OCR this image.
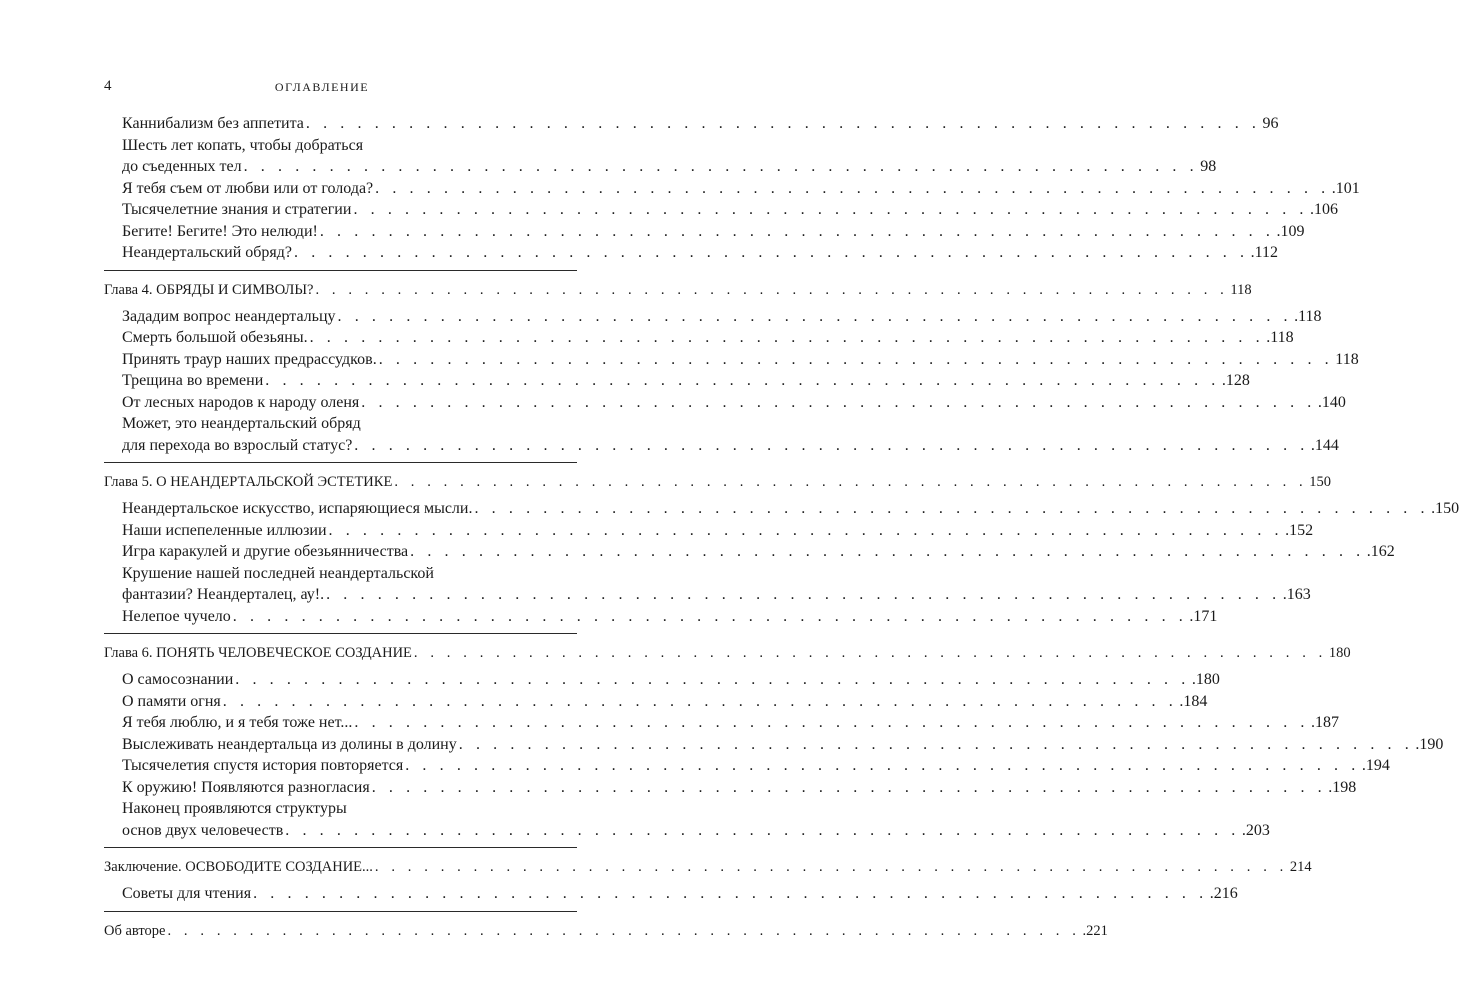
4	ОГЛАВЛЕНИЕ
Каннибализм без аппетита . . . . . . . . . . . . . . . . . . . . . . . . . . . . . . . . . . . . . . . . . . . . . . . . . . . . . . . . 96
Шесть лет копать, чтобы добраться
до съеденных тел . . . . . . . . . . . . . . . . . . . . . . . . . . . . . . . . . . . . . . . . . . . . . . . . . . . . . . . . 98
Я тебя съем от любви или от голода? . . . . . . . . . . . . . . . . . . . . . . . . . . . . . . . . . . . . . . . . . . . . . . . . . . . . . . . . .101
Тысячелетние знания и стратегии . . . . . . . . . . . . . . . . . . . . . . . . . . . . . . . . . . . . . . . . . . . . . . . . . . . . . . . . .106
Бегите! Бегите! Это нелюди! . . . . . . . . . . . . . . . . . . . . . . . . . . . . . . . . . . . . . . . . . . . . . . . . . . . . . . . . .109
Неандертальский обряд? . . . . . . . . . . . . . . . . . . . . . . . . . . . . . . . . . . . . . . . . . . . . . . . . . . . . . . . . .112
Глава 4. ОБРЯДЫ И СИМВОЛЫ? . . . . . . . . . . . . . . . . . . . . . . . . . . . . . . . . . . . . . . . . . . . . . . . . . . . . . . . . 118
Зададим вопрос неандертальцу . . . . . . . . . . . . . . . . . . . . . . . . . . . . . . . . . . . . . . . . . . . . . . . . . . . . . . . . .118
Смерть большой обезьяны. . . . . . . . . . . . . . . . . . . . . . . . . . . . . . . . . . . . . . . . . . . . . . . . . . . . . . . . . .118
Принять траур наших предрассудков. . . . . . . . . . . . . . . . . . . . . . . . . . . . . . . . . . . . . . . . . . . . . . . . . . . . . . . . . 118
Трещина во времени . . . . . . . . . . . . . . . . . . . . . . . . . . . . . . . . . . . . . . . . . . . . . . . . . . . . . . . . .128
От лесных народов к народу оленя . . . . . . . . . . . . . . . . . . . . . . . . . . . . . . . . . . . . . . . . . . . . . . . . . . . . . . . . .140
Может, это неандертальский обряд
для перехода во взрослый статус? . . . . . . . . . . . . . . . . . . . . . . . . . . . . . . . . . . . . . . . . . . . . . . . . . . . . . . . . .144
Глава 5. О НЕАНДЕРТАЛЬСКОЙ ЭСТЕТИКЕ . . . . . . . . . . . . . . . . . . . . . . . . . . . . . . . . . . . . . . . . . . . . . . . . . . . . . . . . 150
Неандертальское искусство, испаряющиеся мысли. . . . . . . . . . . . . . . . . . . . . . . . . . . . . . . . . . . . . . . . . . . . . . . . . . . . . . . . . .150
Наши испепеленные иллюзии . . . . . . . . . . . . . . . . . . . . . . . . . . . . . . . . . . . . . . . . . . . . . . . . . . . . . . . . .152
Игра каракулей и другие обезьянничества . . . . . . . . . . . . . . . . . . . . . . . . . . . . . . . . . . . . . . . . . . . . . . . . . . . . . . . . .162
Крушение нашей последней неандертальской
фантазии? Неандерталец, ау!. . . . . . . . . . . . . . . . . . . . . . . . . . . . . . . . . . . . . . . . . . . . . . . . . . . . . . . . . .163
Нелепое чучело . . . . . . . . . . . . . . . . . . . . . . . . . . . . . . . . . . . . . . . . . . . . . . . . . . . . . . . . .171
Глава 6. ПОНЯТЬ ЧЕЛОВЕЧЕСКОЕ СОЗДАНИЕ . . . . . . . . . . . . . . . . . . . . . . . . . . . . . . . . . . . . . . . . . . . . . . . . . . . . . . . . 180
О самосознании . . . . . . . . . . . . . . . . . . . . . . . . . . . . . . . . . . . . . . . . . . . . . . . . . . . . . . . . .180
О памяти огня . . . . . . . . . . . . . . . . . . . . . . . . . . . . . . . . . . . . . . . . . . . . . . . . . . . . . . . . .184
Я тебя люблю, и я тебя тоже нет... . . . . . . . . . . . . . . . . . . . . . . . . . . . . . . . . . . . . . . . . . . . . . . . . . . . . . . . . .187
Выслеживать неандертальца из долины в долину . . . . . . . . . . . . . . . . . . . . . . . . . . . . . . . . . . . . . . . . . . . . . . . . . . . . . . . . .190
Тысячелетия спустя история повторяется . . . . . . . . . . . . . . . . . . . . . . . . . . . . . . . . . . . . . . . . . . . . . . . . . . . . . . . . .194
К оружию! Появляются разногласия . . . . . . . . . . . . . . . . . . . . . . . . . . . . . . . . . . . . . . . . . . . . . . . . . . . . . . . . .198
Наконец проявляются структуры
основ двух человечеств . . . . . . . . . . . . . . . . . . . . . . . . . . . . . . . . . . . . . . . . . . . . . . . . . . . . . . . . .203
Заключение. ОСВОБОДИТЕ СОЗДАНИЕ... . . . . . . . . . . . . . . . . . . . . . . . . . . . . . . . . . . . . . . . . . . . . . . . . . . . . . . . . 214
Советы для чтения . . . . . . . . . . . . . . . . . . . . . . . . . . . . . . . . . . . . . . . . . . . . . . . . . . . . . . . . .216
Об авторе . . . . . . . . . . . . . . . . . . . . . . . . . . . . . . . . . . . . . . . . . . . . . . . . . . . . . . . . .221
